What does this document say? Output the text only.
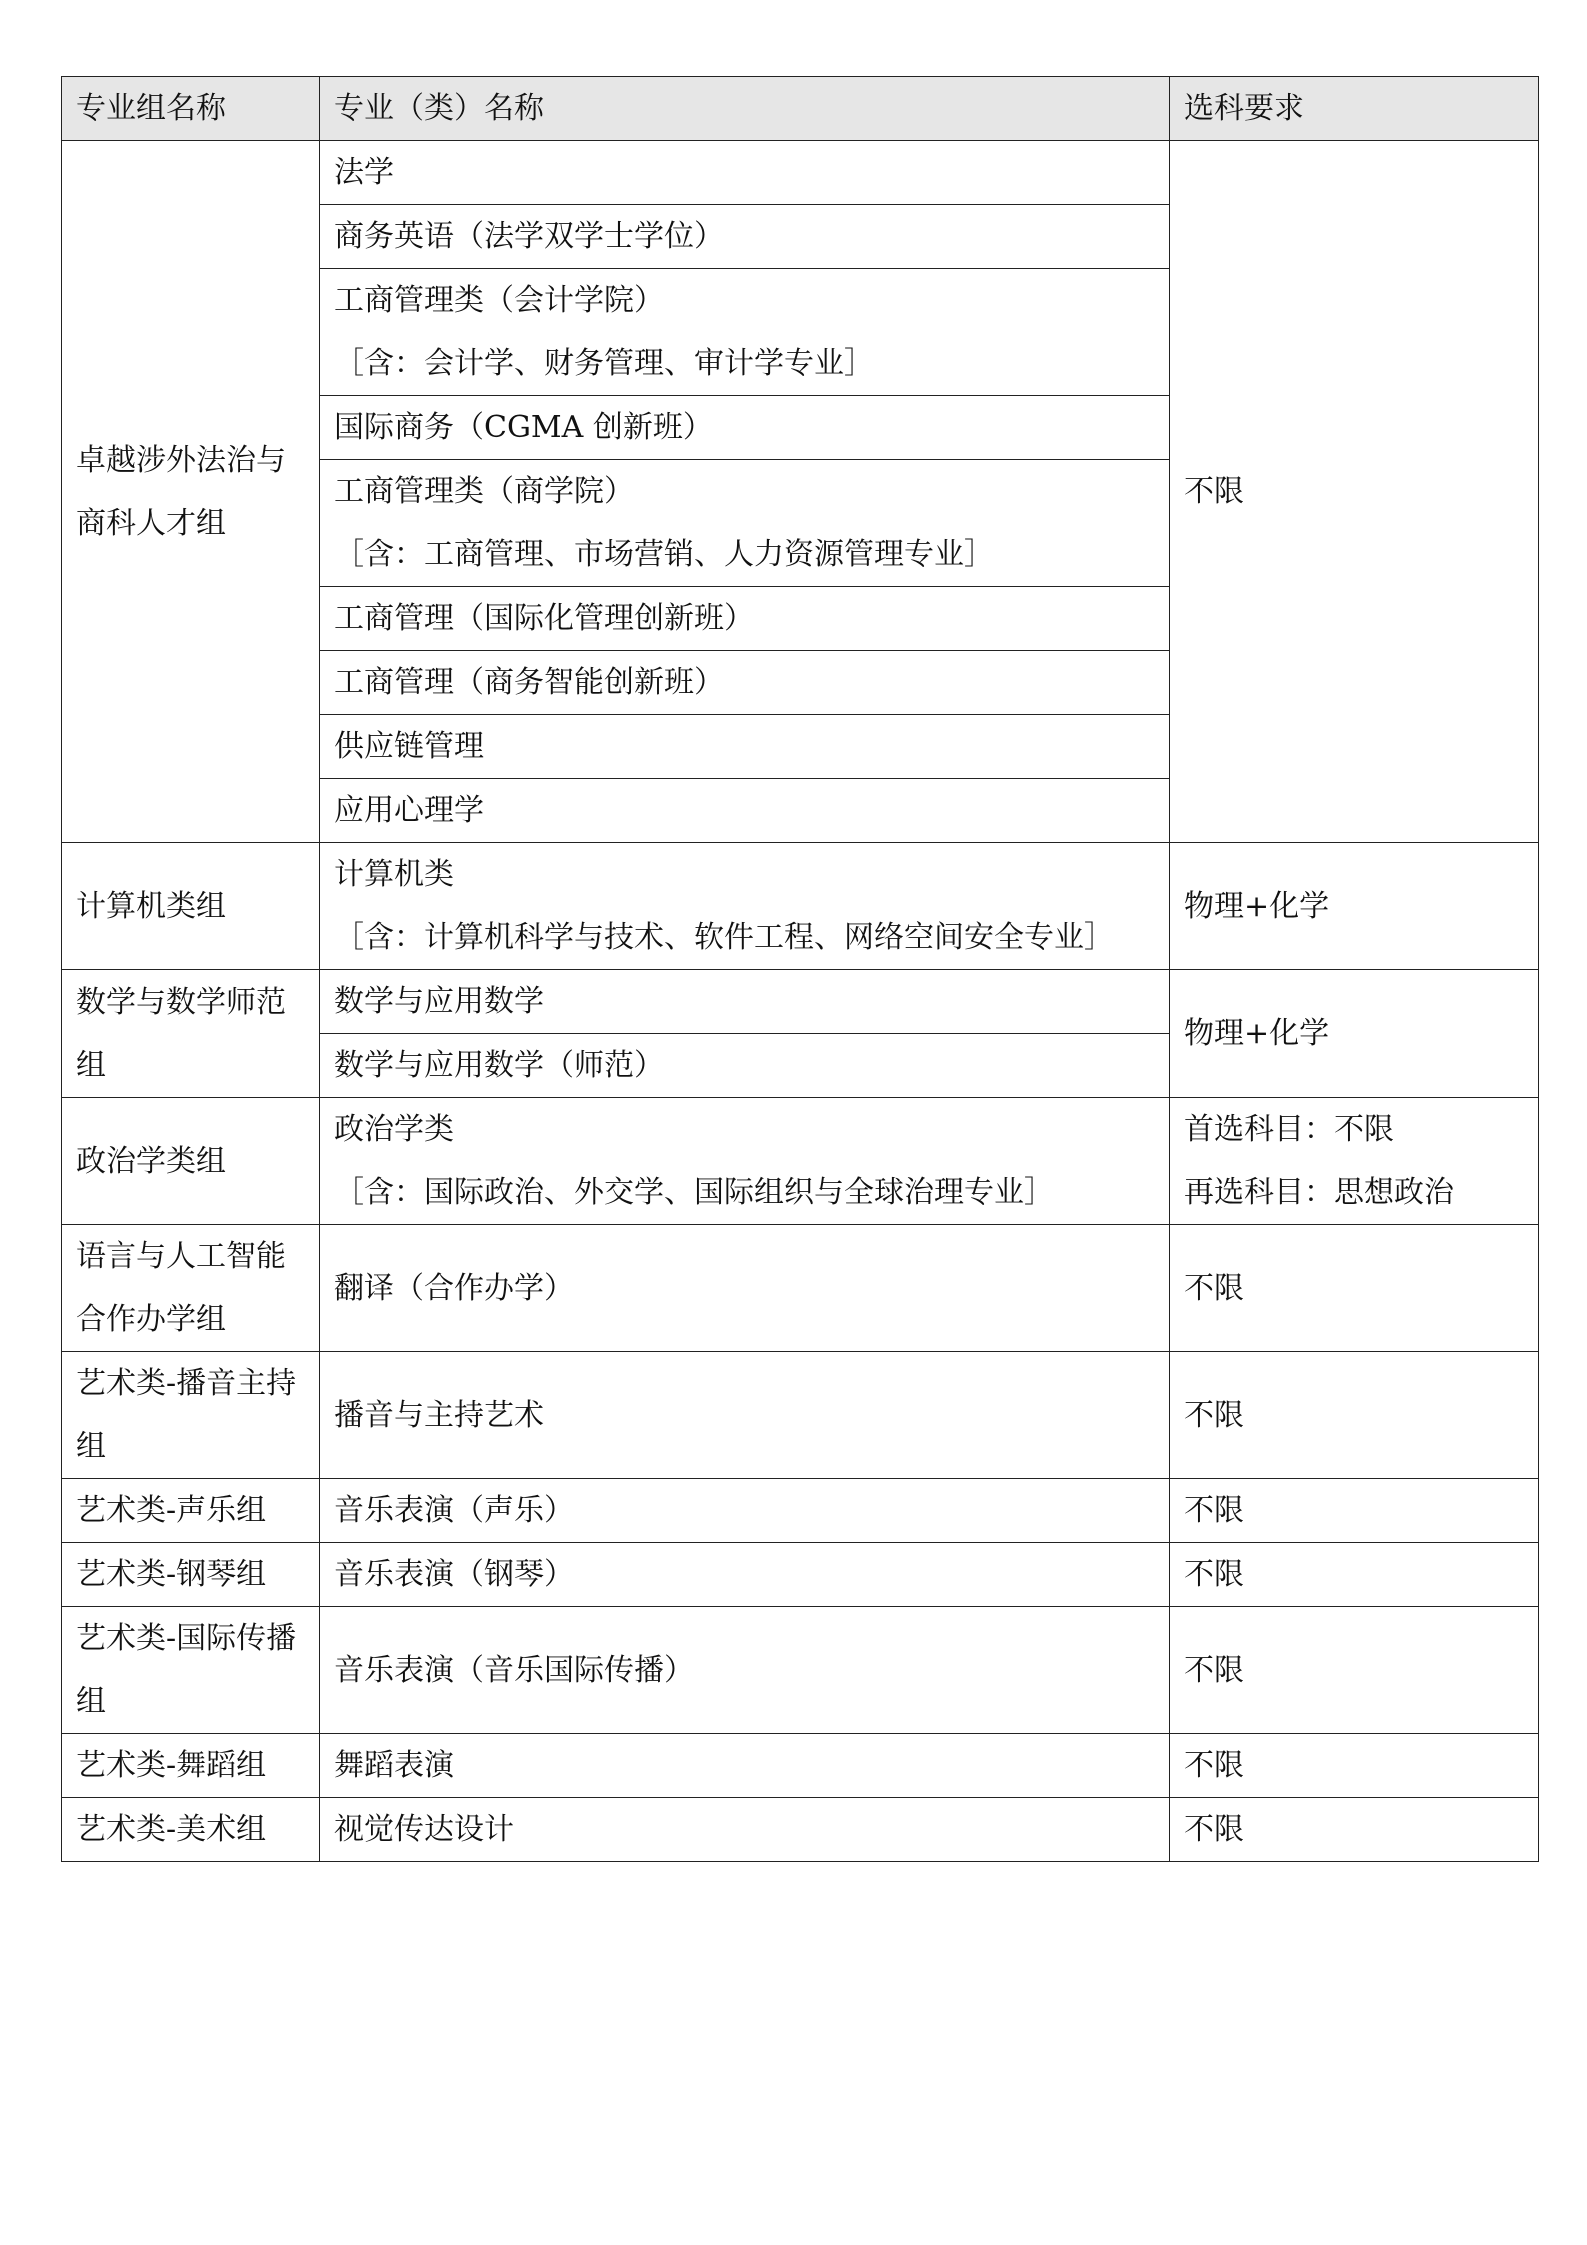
专业组名称	专业（类）名称	选科要求
卓越涉外法治与商科人才组	法学	不限

	商务英语（法学双学士学位）	

	工商管理类（会计学院）
［含：会计学、财务管理、审计学专业］	

	国际商务（CGMA 创新班）	

	工商管理类（商学院）
［含：工商管理、市场营销、人力资源管理专业］	

	工商管理（国际化管理创新班）	

	工商管理（商务智能创新班）	

	供应链管理	

	应用心理学	

计算机类组	计算机类
［含：计算机科学与技术、软件工程、网络空间安全专业］	物理+化学

数学与数学师范组	数学与应用数学	物理+化学

	数学与应用数学（师范）	

政治学类组	政治学类
［含：国际政治、外交学、国际组织与全球治理专业］	首选科目：不限
再选科目：思想政治

语言与人工智能合作办学组	翻译（合作办学）	不限

艺术类-播音主持组	播音与主持艺术	不限

艺术类-声乐组	音乐表演（声乐）	不限

艺术类-钢琴组	音乐表演（钢琴）	不限

艺术类-国际传播组	音乐表演（音乐国际传播）	不限

艺术类-舞蹈组	舞蹈表演	不限

艺术类-美术组	视觉传达设计	不限
